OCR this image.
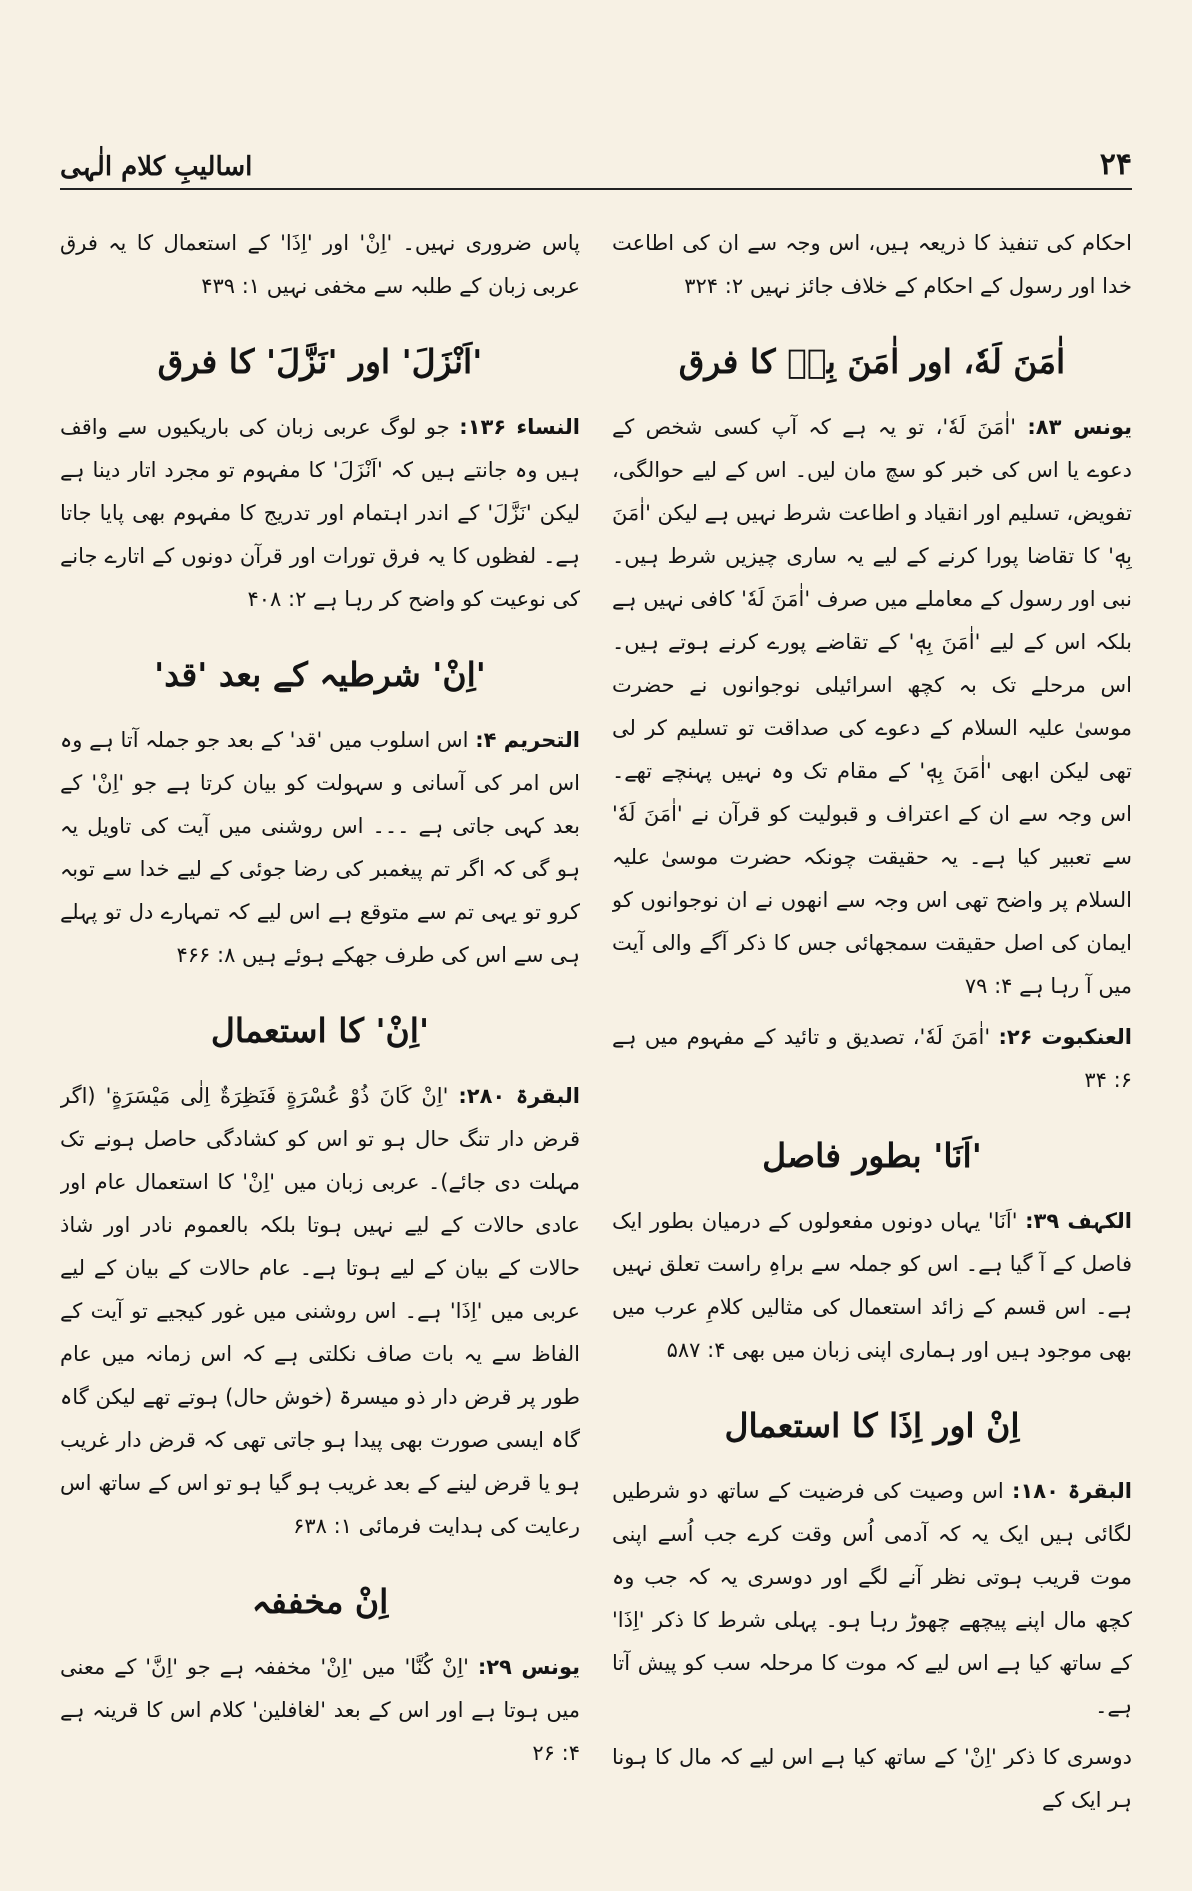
اسالیبِ کلام الٰہی	۲۴

احکام کی تنفیذ کا ذریعہ ہیں، اس وجہ سے ان کی اطاعت خدا اور رسول کے احکام کے خلاف جائز نہیں ۲: ۳۲۴

اٰمَنَ لَهٗ، اور اٰمَنَ بِهٖ کا فرق

یونس ۸۳: 'اٰمَنَ لَهٗ'، تو یہ ہے کہ آپ کسی شخص کے دعوے یا اس کی خبر کو سچ مان لیں۔ اس کے لیے حوالگی، تفویض، تسلیم اور انقیاد و اطاعت شرط نہیں ہے لیکن 'اٰمَنَ بِهٖ' کا تقاضا پورا کرنے کے لیے یہ ساری چیزیں شرط ہیں۔ نبی اور رسول کے معاملے میں صرف 'اٰمَنَ لَهٗ' کافی نہیں ہے بلکہ اس کے لیے 'اٰمَنَ بِهٖ' کے تقاضے پورے کرنے ہوتے ہیں۔ اس مرحلے تک بہ کچھ اسرائیلی نوجوانوں نے حضرت موسیٰ علیہ السلام کے دعوے کی صداقت تو تسلیم کر لی تھی لیکن ابھی 'اٰمَنَ بِهٖ' کے مقام تک وہ نہیں پہنچے تھے۔ اس وجہ سے ان کے اعتراف و قبولیت کو قرآن نے 'اٰمَنَ لَهٗ' سے تعبیر کیا ہے۔ یہ حقیقت چونکہ حضرت موسیٰ علیہ السلام پر واضح تھی اس وجہ سے انھوں نے ان نوجوانوں کو ایمان کی اصل حقیقت سمجھائی جس کا ذکر آگے والی آیت میں آ رہا ہے ۴: ۷۹

العنکبوت ۲۶: 'اٰمَنَ لَهٗ'، تصدیق و تائید کے مفہوم میں ہے ۶: ۳۴

'اَنَا' بطور فاصل

الکہف ۳۹: 'اَنَا' یہاں دونوں مفعولوں کے درمیان بطور ایک فاصل کے آ گیا ہے۔ اس کو جملہ سے براہِ راست تعلق نہیں ہے۔ اس قسم کے زائد استعمال کی مثالیں کلامِ عرب میں بھی موجود ہیں اور ہماری اپنی زبان میں بھی ۴: ۵۸۷

اِنْ اور اِذَا کا استعمال

البقرۃ ۱۸۰: اس وصیت کی فرضیت کے ساتھ دو شرطیں لگائی ہیں ایک یہ کہ آدمی اُس وقت کرے جب اُسے اپنی موت قریب ہوتی نظر آنے لگے اور دوسری یہ کہ جب وہ کچھ مال اپنے پیچھے چھوڑ رہا ہو۔ پہلی شرط کا ذکر 'اِذَا' کے ساتھ کیا ہے اس لیے کہ موت کا مرحلہ سب کو پیش آتا ہے۔

دوسری کا ذکر 'اِنْ' کے ساتھ کیا ہے اس لیے کہ مال کا ہونا ہر ایک کے

پاس ضروری نہیں۔ 'اِنْ' اور 'اِذَا' کے استعمال کا یہ فرق عربی زبان کے طلبہ سے مخفی نہیں ۱: ۴۳۹

'اَنْزَلَ' اور 'نَزَّلَ' کا فرق

النساء ۱۳۶: جو لوگ عربی زبان کی باریکیوں سے واقف ہیں وہ جانتے ہیں کہ 'اَنْزَلَ' کا مفہوم تو مجرد اتار دینا ہے لیکن 'نَزَّلَ' کے اندر اہتمام اور تدریج کا مفہوم بھی پایا جاتا ہے۔ لفظوں کا یہ فرق تورات اور قرآن دونوں کے اتارے جانے کی نوعیت کو واضح کر رہا ہے ۲: ۴۰۸

'اِنْ' شرطیہ کے بعد 'قد'

التحریم ۴: اس اسلوب میں 'قد' کے بعد جو جملہ آتا ہے وہ اس امر کی آسانی و سہولت کو بیان کرتا ہے جو 'اِنْ' کے بعد کہی جاتی ہے ۔۔۔ اس روشنی میں آیت کی تاویل یہ ہو گی کہ اگر تم پیغمبر کی رضا جوئی کے لیے خدا سے توبہ کرو تو یہی تم سے متوقع ہے اس لیے کہ تمہارے دل تو پہلے ہی سے اس کی طرف جھکے ہوئے ہیں ۸: ۴۶۶

'اِنْ' کا استعمال

البقرۃ ۲۸۰: 'اِنْ كَانَ ذُوْ عُسْرَةٍ فَنَظِرَةٌ اِلٰى مَيْسَرَةٍ' (اگر قرض دار تنگ حال ہو تو اس کو کشادگی حاصل ہونے تک مہلت دی جائے)۔ عربی زبان میں 'اِنْ' کا استعمال عام اور عادی حالات کے لیے نہیں ہوتا بلکہ بالعموم نادر اور شاذ حالات کے بیان کے لیے ہوتا ہے۔ عام حالات کے بیان کے لیے عربی میں 'اِذَا' ہے۔ اس روشنی میں غور کیجیے تو آیت کے الفاظ سے یہ بات صاف نکلتی ہے کہ اس زمانہ میں عام طور پر قرض دار ذو میسرۃ (خوش حال) ہوتے تھے لیکن گاہ گاہ ایسی صورت بھی پیدا ہو جاتی تھی کہ قرض دار غریب ہو یا قرض لینے کے بعد غریب ہو گیا ہو تو اس کے ساتھ اس رعایت کی ہدایت فرمائی ۱: ۶۳۸

اِنْ مخففہ

یونس ۲۹: 'اِنْ كُنَّا' میں 'اِنْ' مخففہ ہے جو 'اِنَّ' کے معنی میں ہوتا ہے اور اس کے بعد 'لغافلین' کلام اس کا قرینہ ہے ۴: ۲۶
